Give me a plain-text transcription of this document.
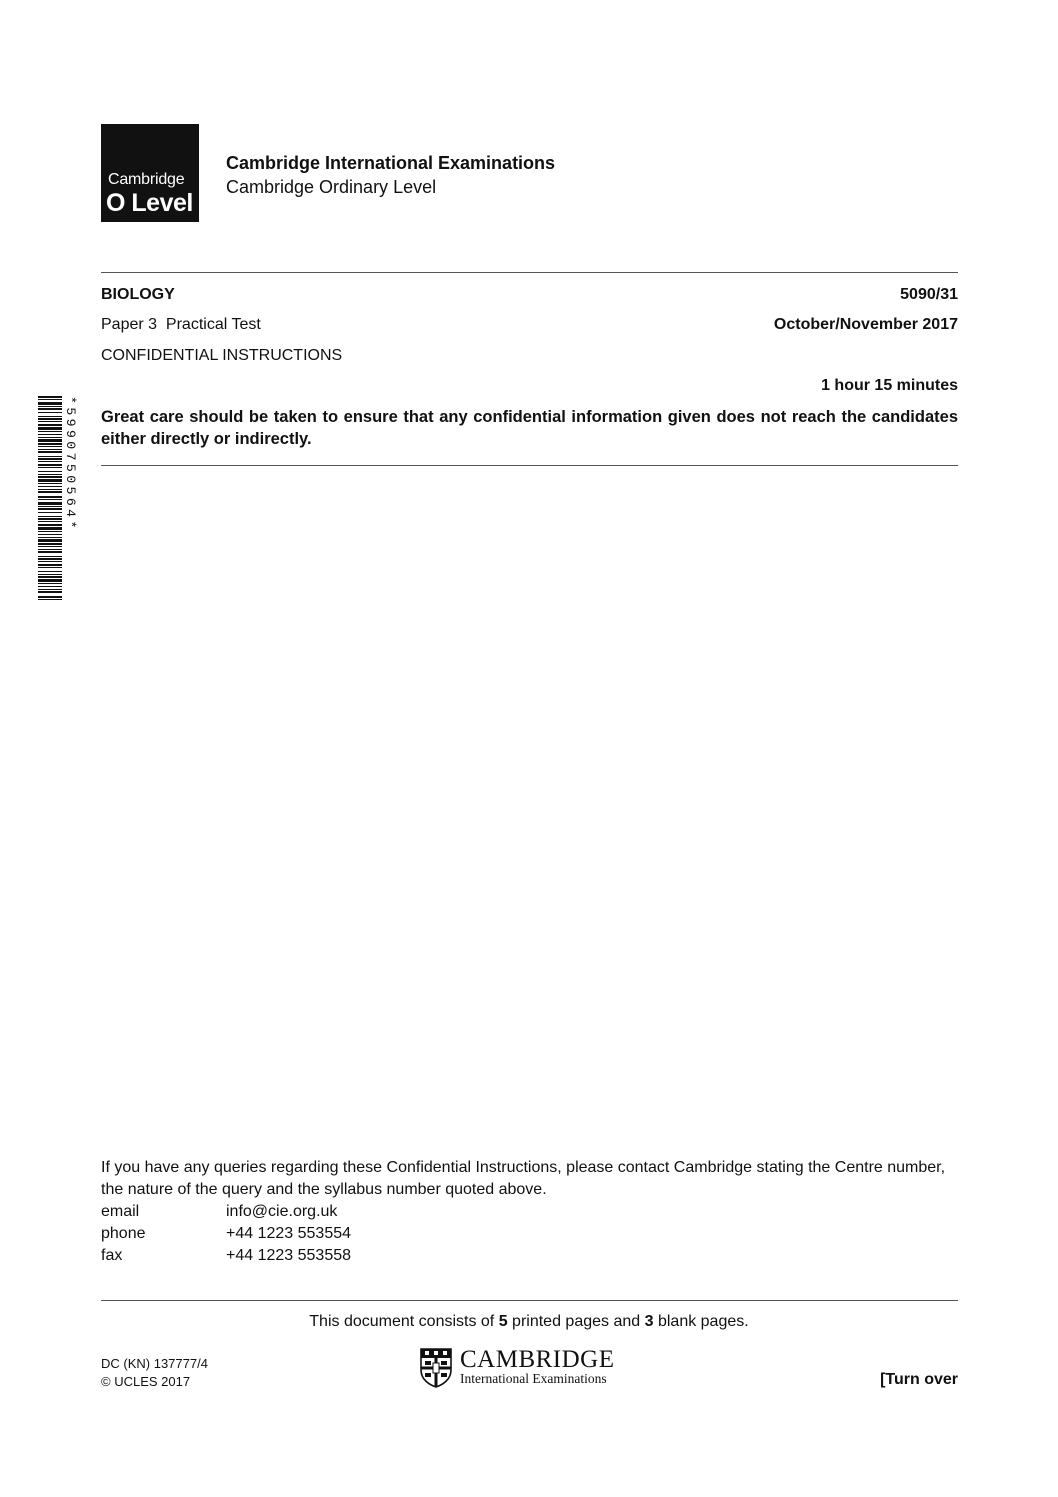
Cambridge
O Level
Cambridge International Examinations
Cambridge Ordinary Level
BIOLOGY	5090/31
Paper 3  Practical Test	October/November 2017
CONFIDENTIAL INSTRUCTIONS
1 hour 15 minutes
*5990750564* Great care should be taken to ensure that any confidential information given does not reach the candidates either directly or indirectly.
If you have any queries regarding these Confidential Instructions, please contact Cambridge stating the Centre number, the nature of the query and the syllabus number quoted above.
email	info@cie.org.uk
phone	+44 1223 553554
fax	+44 1223 553558
This document consists of 5 printed pages and 3 blank pages.
DC (KN) 137777/4
© UCLES 2017
CAMBRIDGE
International Examinations	[Turn over
